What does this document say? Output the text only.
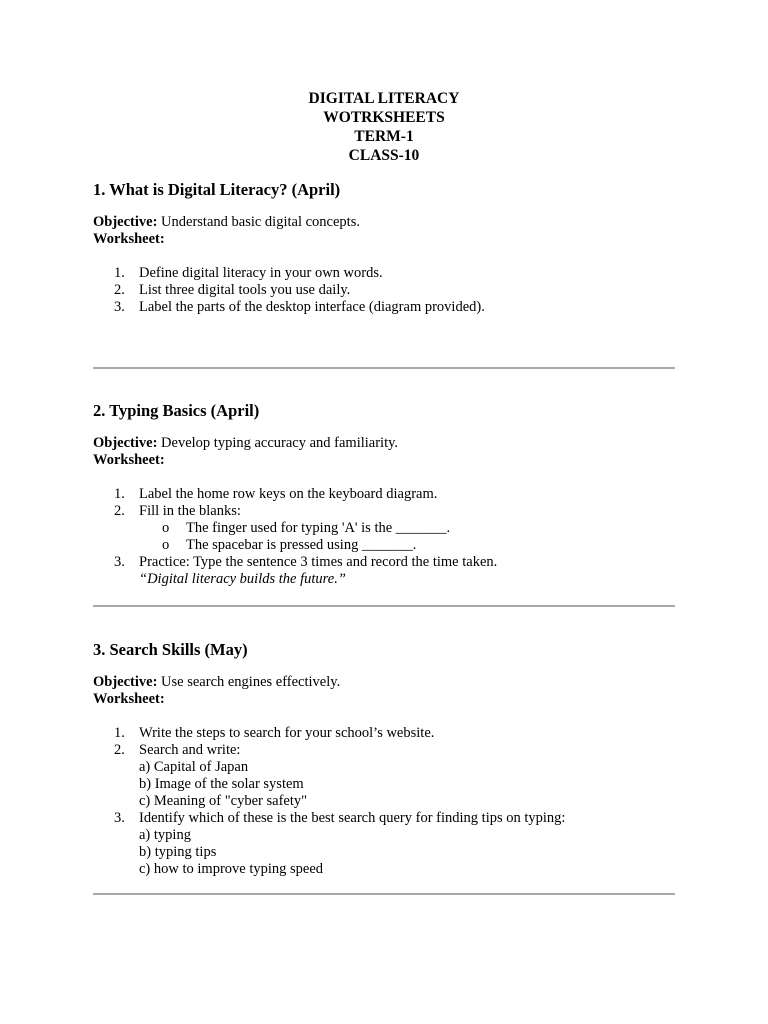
DIGITAL LITERACY
WOTRKSHEETS
TERM-1
CLASS-10
1. What is Digital Literacy? (April)
Objective: Understand basic digital concepts.
Worksheet:
1. Define digital literacy in your own words.
2. List three digital tools you use daily.
3. Label the parts of the desktop interface (diagram provided).
2. Typing Basics (April)
Objective: Develop typing accuracy and familiarity.
Worksheet:
1. Label the home row keys on the keyboard diagram.
2. Fill in the blanks:
o The finger used for typing 'A' is the _______.
o The spacebar is pressed using _______.
3. Practice: Type the sentence 3 times and record the time taken.
“Digital literacy builds the future.”
3. Search Skills (May)
Objective: Use search engines effectively.
Worksheet:
1. Write the steps to search for your school’s website.
2. Search and write:
a) Capital of Japan
b) Image of the solar system
c) Meaning of "cyber safety"
3. Identify which of these is the best search query for finding tips on typing:
a) typing
b) typing tips
c) how to improve typing speed
